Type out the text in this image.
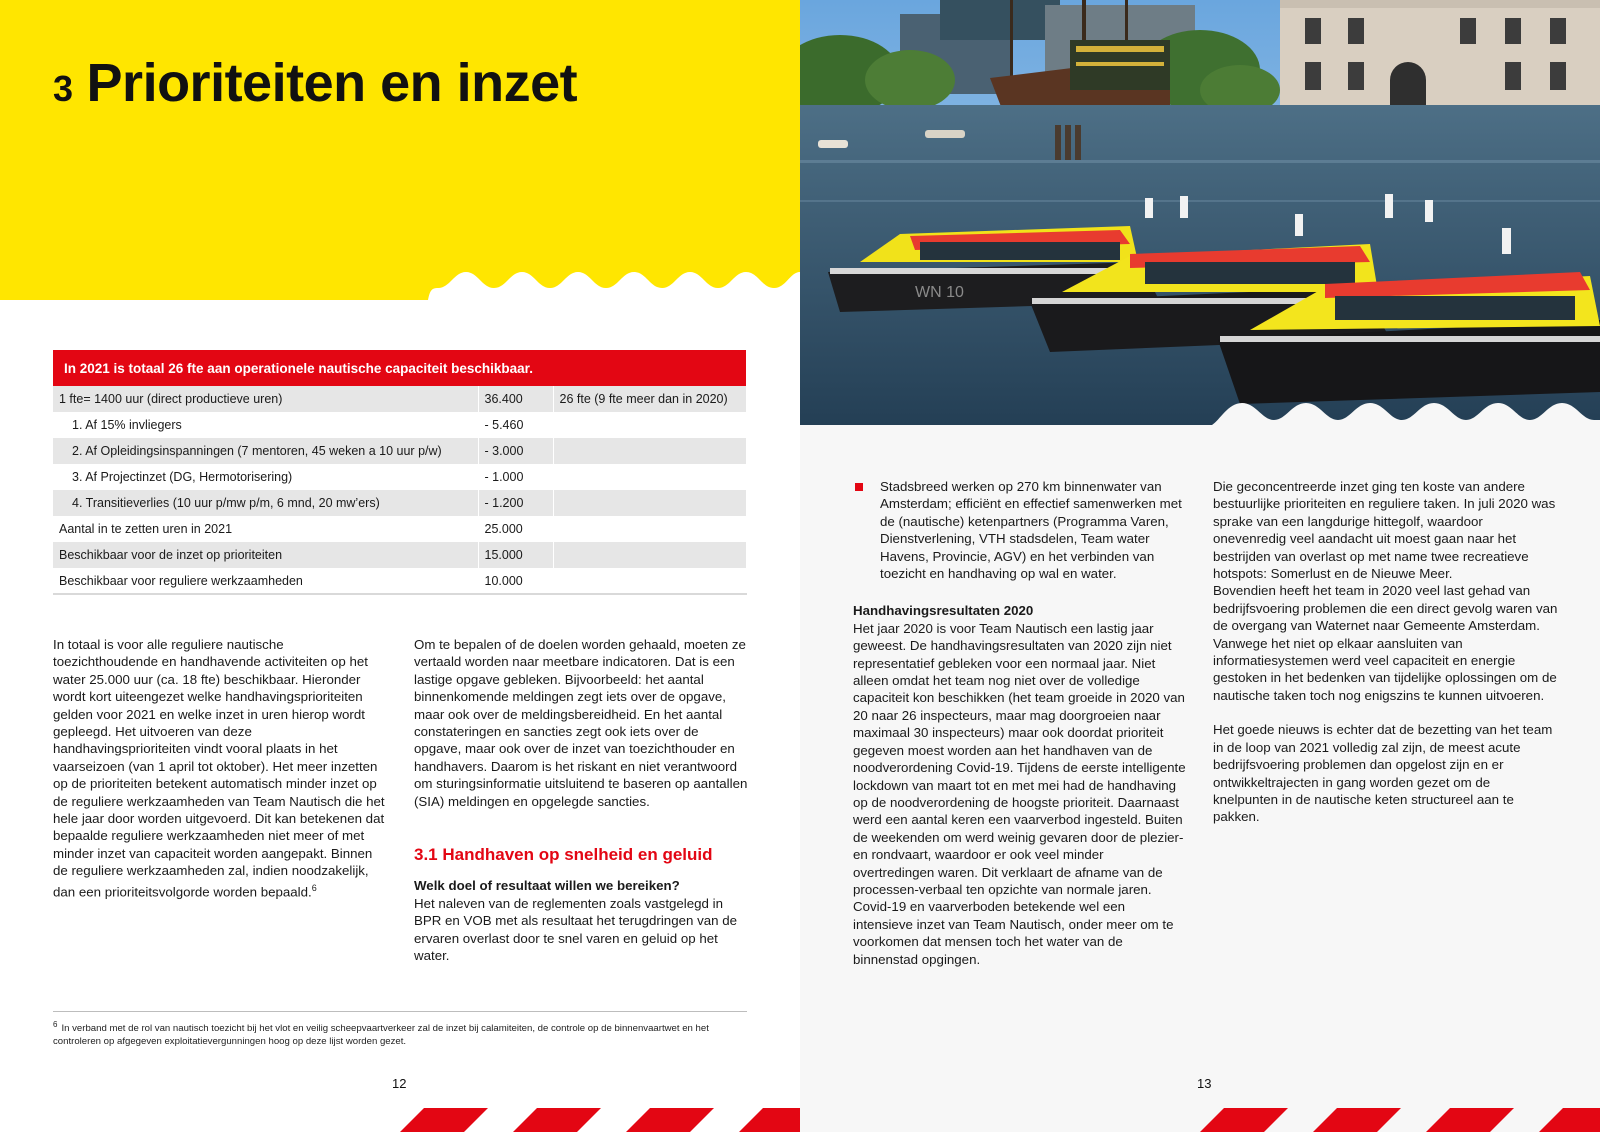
3 Prioriteiten en inzet
In 2021 is totaal 26 fte aan operationele nautische capaciteit beschikbaar.		
1 fte= 1400 uur (direct productieve uren)	36.400	26 fte (9 fte meer dan in 2020)
1. Af 15% invliegers	- 5.460	
2. Af Opleidingsinspanningen (7 mentoren, 45 weken a 10 uur p/w)	- 3.000	
3. Af Projectinzet (DG, Hermotorisering)	- 1.000	
4. Transitieverlies (10 uur p/mw p/m, 6 mnd, 20 mw’ers)	- 1.200	
Aantal in te zetten uren in 2021	25.000	
Beschikbaar voor de inzet op prioriteiten	15.000	
Beschikbaar voor reguliere werkzaamheden	10.000	
In totaal is voor alle reguliere nautische toezichthoudende en handhavende activiteiten op het water 25.000 uur (ca. 18 fte) beschikbaar. Hieronder wordt kort uiteengezet welke handhavingsprioriteiten gelden voor 2021 en welke inzet in uren hierop wordt gepleegd. Het uitvoeren van deze handhavingsprioriteiten vindt vooral plaats in het vaarseizoen (van 1 april tot oktober). Het meer inzetten op de prioriteiten betekent automatisch minder inzet op de reguliere werkzaamheden van Team Nautisch die het hele jaar door worden uitgevoerd. Dit kan betekenen dat bepaalde reguliere werkzaamheden niet meer of met minder inzet van capaciteit worden aangepakt. Binnen de reguliere werkzaamheden zal, indien noodzakelijk, dan een prioriteitsvolgorde worden bepaald.$^6$
Om te bepalen of de doelen worden gehaald, moeten ze vertaald worden naar meetbare indicatoren. Dat is een lastige opgave gebleken. Bijvoorbeeld: het aantal binnenkomende meldingen zegt iets over de opgave, maar ook over de meldingsbereidheid. En het aantal constateringen en sancties zegt ook iets over de opgave, maar ook over de inzet van toezichthouder en handhavers. Daarom is het riskant en niet verantwoord om sturingsinformatie uitsluitend te baseren op aantallen (SIA) meldingen en opgelegde sancties.
3.1 Handhaven op snelheid en geluid
Welk doel of resultaat willen we bereiken?
Het naleven van de reglementen zoals vastgelegd in BPR en VOB met als resultaat het terugdringen van de ervaren overlast door te snel varen en geluid op het water.
$^6$ In verband met de rol van nautisch toezicht bij het vlot en veilig scheepvaartverkeer zal de inzet bij calamiteiten, de controle op de binnenvaartwet en het controleren op afgegeven exploitatievergunningen hoog op deze lijst worden gezet.
12
WN 10
Stadsbreed werken op 270 km binnenwater van Amsterdam; efficiënt en effectief samenwerken met de (nautische) ketenpartners (Programma Varen, Dienstverlening, VTH stadsdelen, Team water Havens, Provincie, AGV) en het verbinden van toezicht en handhaving op wal en water.
Handhavingsresultaten 2020
Het jaar 2020 is voor Team Nautisch een lastig jaar geweest. De handhavingsresultaten van 2020 zijn niet representatief gebleken voor een normaal jaar. Niet alleen omdat het team nog niet over de volledige capaciteit kon beschikken (het team groeide in 2020 van 20 naar 26 inspecteurs, maar mag doorgroeien naar maximaal 30 inspecteurs) maar ook doordat prioriteit gegeven moest worden aan het handhaven van de noodverordening Covid-19. Tijdens de eerste intelligente lockdown van maart tot en met mei had de handhaving op de noodverordening de hoogste prioriteit. Daarnaast werd een aantal keren een vaarverbod ingesteld. Buiten de weekenden om werd weinig gevaren door de plezier- en rondvaart, waardoor er ook veel minder overtredingen waren. Dit verklaart de afname van de processen-verbaal ten opzichte van normale jaren. Covid-19 en vaarverboden betekende wel een intensieve inzet van Team Nautisch, onder meer om te voorkomen dat mensen toch het water van de binnenstad opgingen.
Die geconcentreerde inzet ging ten koste van andere bestuurlijke prioriteiten en reguliere taken. In juli 2020 was sprake van een langdurige hittegolf, waardoor onevenredig veel aandacht uit moest gaan naar het bestrijden van overlast op met name twee recreatieve hotspots: Somerlust en de Nieuwe Meer.
Bovendien heeft het team in 2020 veel last gehad van bedrijfsvoering problemen die een direct gevolg waren van de overgang van Waternet naar Gemeente Amsterdam. Vanwege het niet op elkaar aansluiten van informatiesystemen werd veel capaciteit en energie gestoken in het bedenken van tijdelijke oplossingen om de nautische taken toch nog enigszins te kunnen uitvoeren.
Het goede nieuws is echter dat de bezetting van het team in de loop van 2021 volledig zal zijn, de meest acute bedrijfsvoering problemen dan opgelost zijn en er ontwikkeltrajecten in gang worden gezet om de knelpunten in de nautische keten structureel aan te pakken.
13
